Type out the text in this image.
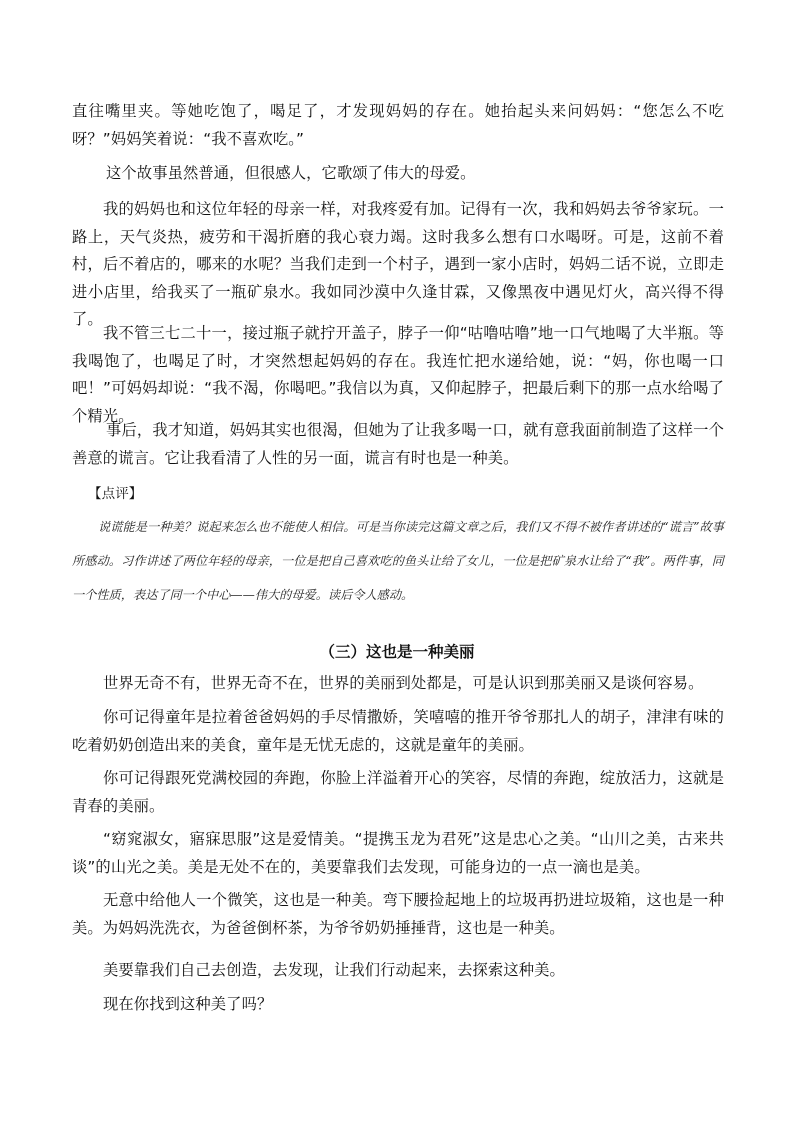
直往嘴里夹。等她吃饱了，喝足了，才发现妈妈的存在。她抬起头来问妈妈：“您怎么不吃呀？”妈妈笑着说：“我不喜欢吃。”

这个故事虽然普通，但很感人，它歌颂了伟大的母爱。

我的妈妈也和这位年轻的母亲一样，对我疼爱有加。记得有一次，我和妈妈去爷爷家玩。一路上，天气炎热，疲劳和干渴折磨的我心衰力竭。这时我多么想有口水喝呀。可是，这前不着村，后不着店的，哪来的水呢？当我们走到一个村子，遇到一家小店时，妈妈二话不说，立即走进小店里，给我买了一瓶矿泉水。我如同沙漠中久逢甘霖，又像黑夜中遇见灯火，高兴得不得了。

我不管三七二十一，接过瓶子就拧开盖子，脖子一仰“咕噜咕噜”地一口气地喝了大半瓶。等我喝饱了，也喝足了时，才突然想起妈妈的存在。我连忙把水递给她，说：“妈，你也喝一口吧！”可妈妈却说：“我不渴，你喝吧。”我信以为真，又仰起脖子，把最后剩下的那一点水给喝了个精光。

事后，我才知道，妈妈其实也很渴，但她为了让我多喝一口，就有意我面前制造了这样一个善意的谎言。它让我看清了人性的另一面，谎言有时也是一种美。

【点评】

说谎能是一种美？说起来怎么也不能使人相信。可是当你读完这篇文章之后，我们又不得不被作者讲述的“谎言”故事所感动。习作讲述了两位年轻的母亲，一位是把自己喜欢吃的鱼头让给了女儿，一位是把矿泉水让给了“我”。两件事，同一个性质，表达了同一个中心——伟大的母爱。读后令人感动。

（三）这也是一种美丽

世界无奇不有，世界无奇不在，世界的美丽到处都是，可是认识到那美丽又是谈何容易。

你可记得童年是拉着爸爸妈妈的手尽情撒娇，笑嘻嘻的推开爷爷那扎人的胡子，津津有味的吃着奶奶创造出来的美食，童年是无忧无虑的，这就是童年的美丽。

你可记得跟死党满校园的奔跑，你脸上洋溢着开心的笑容，尽情的奔跑，绽放活力，这就是青春的美丽。

“窈窕淑女，寤寐思服”这是爱情美。“提携玉龙为君死”这是忠心之美。“山川之美，古来共谈”的山光之美。美是无处不在的，美要靠我们去发现，可能身边的一点一滴也是美。

无意中给他人一个微笑，这也是一种美。弯下腰捡起地上的垃圾再扔进垃圾箱，这也是一种美。为妈妈洗洗衣，为爸爸倒杯茶，为爷爷奶奶捶捶背，这也是一种美。

美要靠我们自己去创造，去发现，让我们行动起来，去探索这种美。

现在你找到这种美了吗？
